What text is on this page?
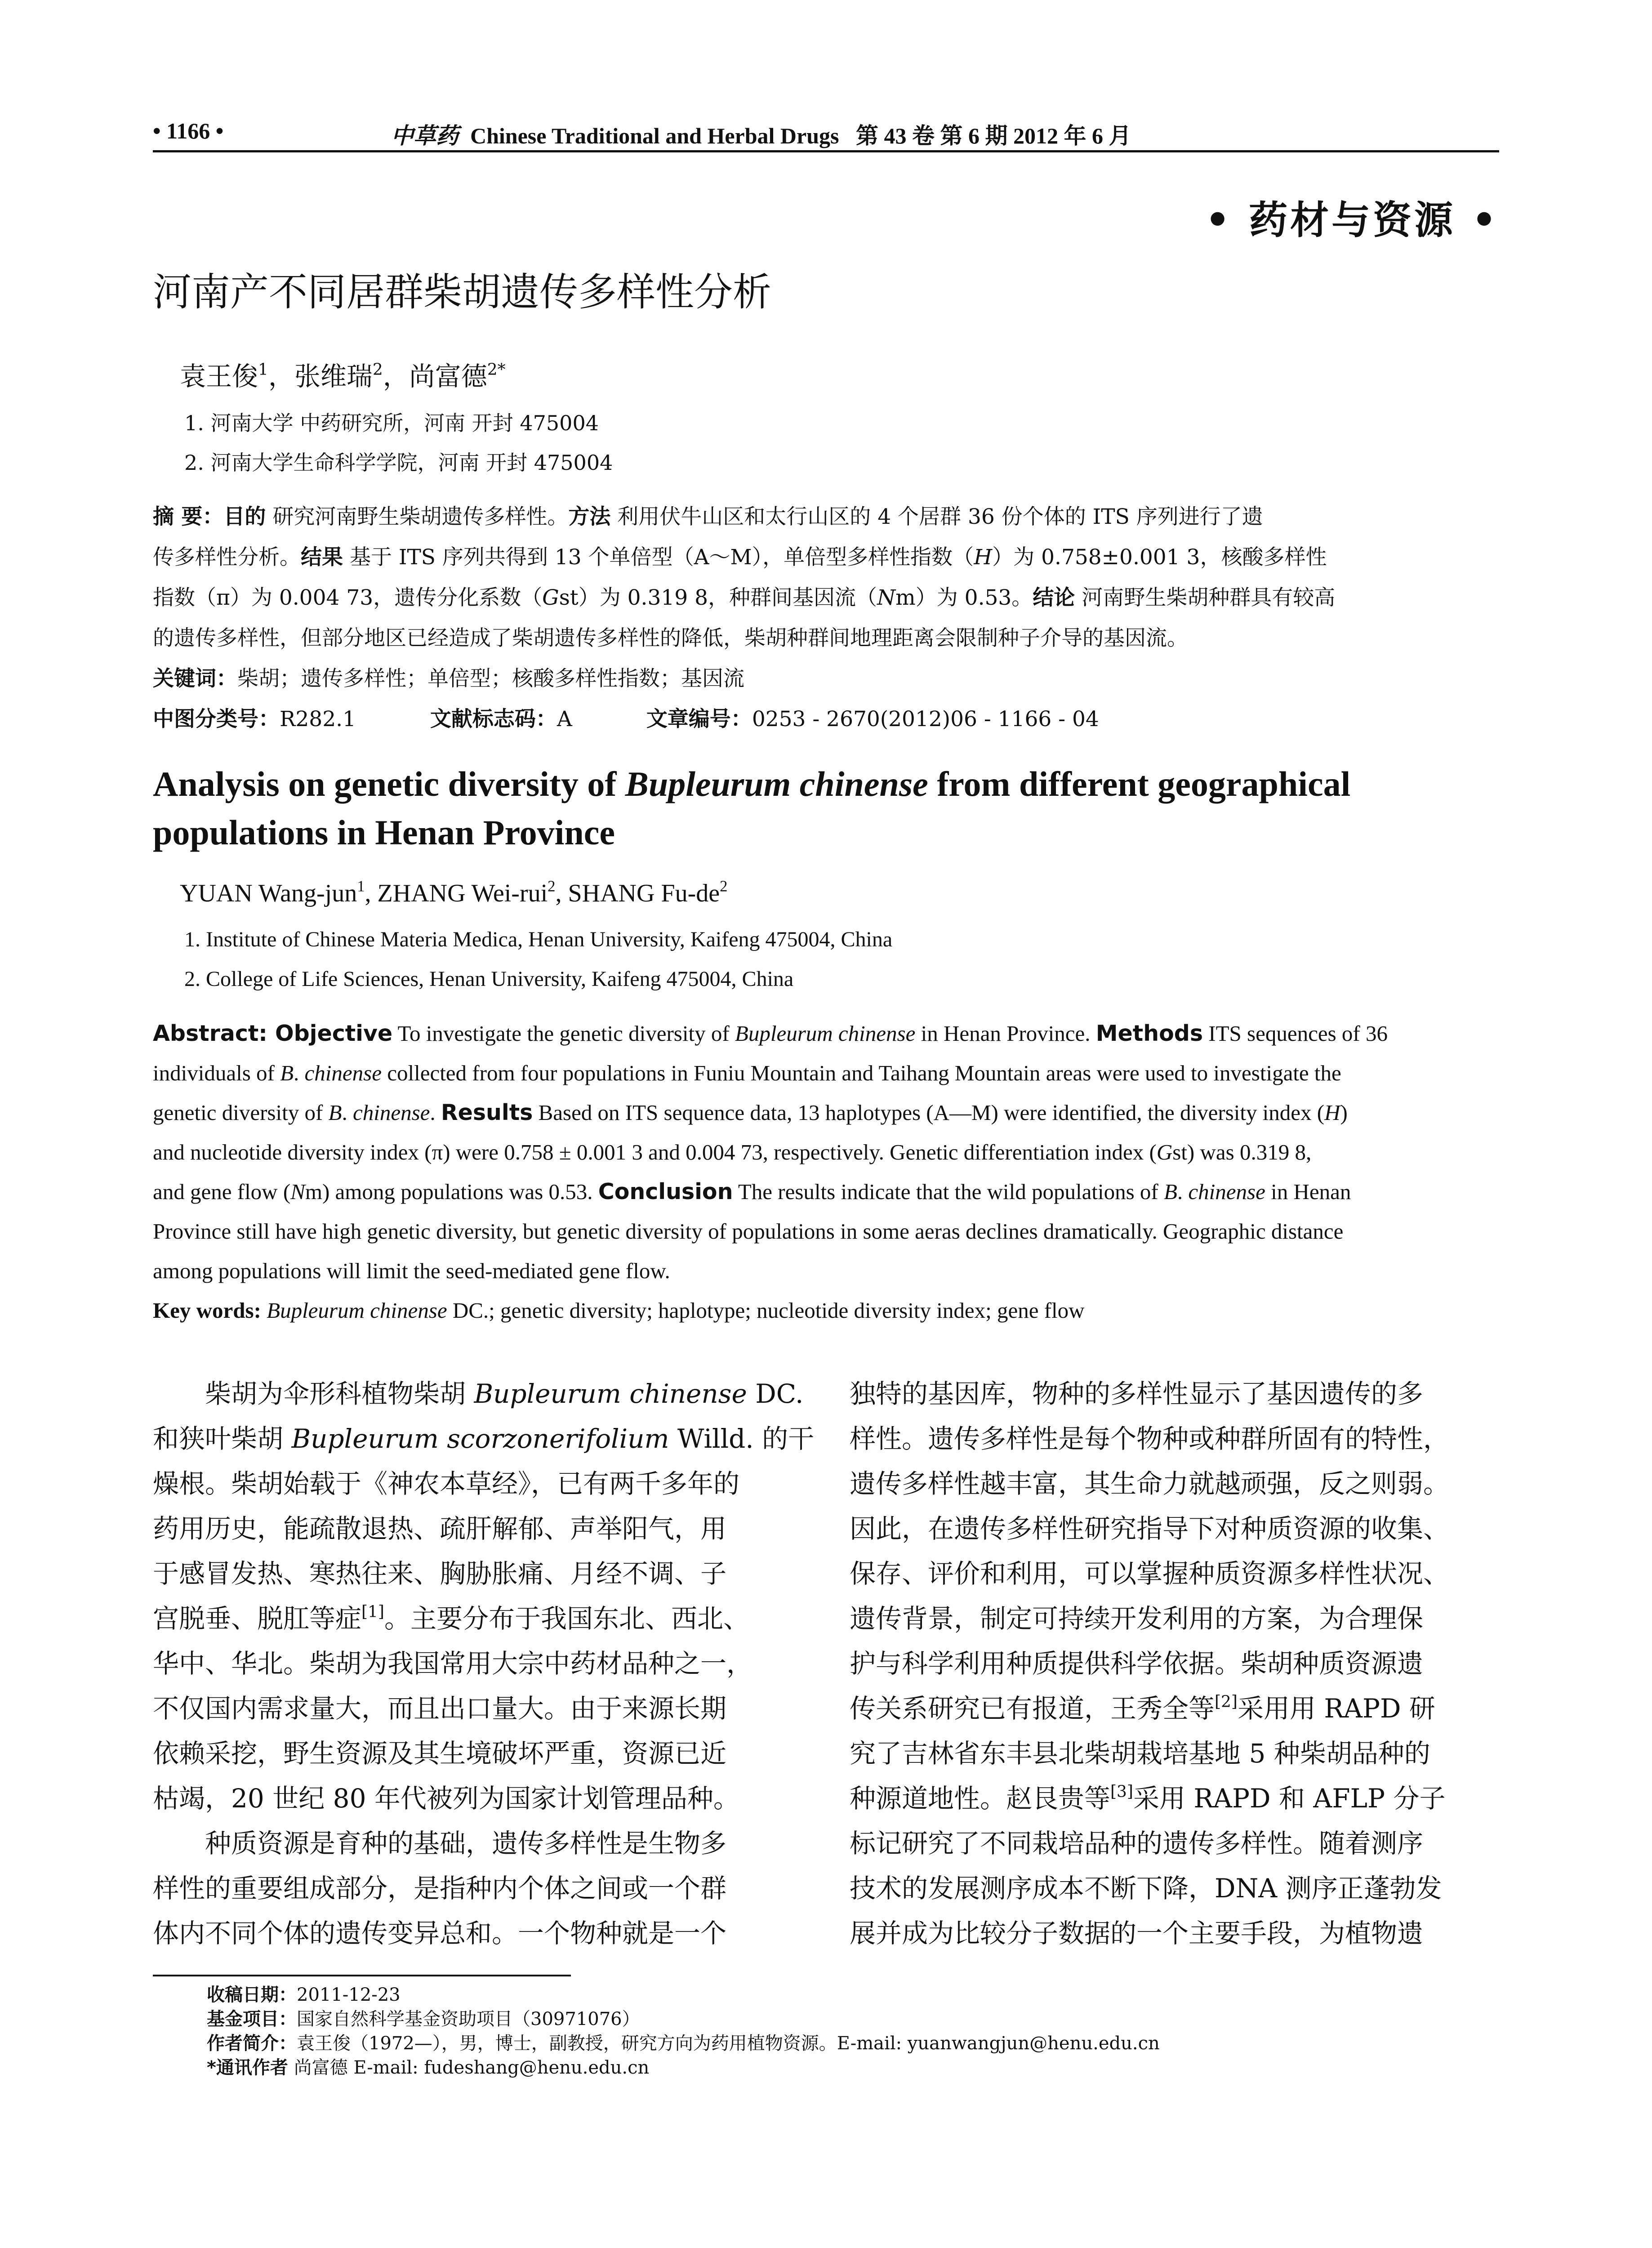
• 1166 •	中草药 Chinese Traditional and Herbal Drugs 第 43 卷 第 6 期 2012 年 6 月
• 药材与资源 •
河南产不同居群柴胡遗传多样性分析
袁王俊$^1$，张维瑞$^2$，尚富德$^{2*}$
1. 河南大学 中药研究所，河南 开封 475004
2. 河南大学生命科学学院，河南 开封 475004
摘 要：目的 研究河南野生柴胡遗传多样性。方法 利用伏牛山区和太行山区的 4 个居群 36 份个体的 ITS 序列进行了遗
传多样性分析。结果 基于 ITS 序列共得到 13 个单倍型（A～M），单倍型多样性指数（H）为 0.758±0.001 3，核酸多样性
指数（π）为 0.004 73，遗传分化系数（Gst）为 0.319 8，种群间基因流（Nm）为 0.53。结论 河南野生柴胡种群具有较高
的遗传多样性，但部分地区已经造成了柴胡遗传多样性的降低，柴胡种群间地理距离会限制种子介导的基因流。
关键词：柴胡；遗传多样性；单倍型；核酸多样性指数；基因流
中图分类号：R282.1	文献标志码：A	文章编号：0253 - 2670(2012)06 - 1166 - 04
Analysis on genetic diversity of Bupleurum chinense from different geographical populations in Henan Province
YUAN Wang-jun$^1$, ZHANG Wei-rui$^2$, SHANG $Fu-de^2$
1. Institute of Chinese Materia Medica, Henan University, Kaifeng 475004, China
2. College of Life Sciences, Henan University, Kaifeng 475004, China
Abstract: Objective To investigate the genetic diversity of Bupleurum chinense in Henan Province. Methods ITS sequences of 36
individuals of B. chinense collected from four populations in Funiu Mountain and Taihang Mountain areas were used to investigate the
genetic diversity of B. chinense. Results Based on ITS sequence data, 13 haplotypes (A—M) were identified, the diversity index (H)
and nucleotide diversity index (π) were 0.758 ± 0.001 3 and 0.004 73, respectively. Genetic differentiation index (Gst) was 0.319 8,
and gene flow (Nm) among populations was 0.53. Conclusion The results indicate that the wild populations of B. chinense in Henan
Province still have high genetic diversity, but genetic diversity of populations in some aeras declines dramatically. Geographic distance
among populations will limit the seed-mediated gene flow.
Key words: Bupleurum chinense DC.; genetic diversity; haplotype; nucleotide diversity index; gene flow
柴胡为伞形科植物柴胡 Bupleurum chinense DC.
和狭叶柴胡 Bupleurum scorzonerifolium Willd. 的干
燥根。柴胡始载于《神农本草经》，已有两千多年的
药用历史，能疏散退热、疏肝解郁、声举阳气，用
于感冒发热、寒热往来、胸胁胀痛、月经不调、子
宫脱垂、脱肛等症[1]。主要分布于我国东北、西北、
华中、华北。柴胡为我国常用大宗中药材品种之一，
不仅国内需求量大，而且出口量大。由于来源长期
依赖采挖，野生资源及其生境破坏严重，资源已近
枯竭，20 世纪 80 年代被列为国家计划管理品种。
种质资源是育种的基础，遗传多样性是生物多
样性的重要组成部分，是指种内个体之间或一个群
体内不同个体的遗传变异总和。一个物种就是一个
独特的基因库，物种的多样性显示了基因遗传的多
样性。遗传多样性是每个物种或种群所固有的特性，
遗传多样性越丰富，其生命力就越顽强，反之则弱。
因此，在遗传多样性研究指导下对种质资源的收集、
保存、评价和利用，可以掌握种质资源多样性状况、
遗传背景，制定可持续开发利用的方案，为合理保
护与科学利用种质提供科学依据。柴胡种质资源遗
传关系研究已有报道，王秀全等[2]采用用 RAPD 研
究了吉林省东丰县北柴胡栽培基地 5 种柴胡品种的
种源道地性。赵艮贵等[3]采用 RAPD 和 AFLP 分子
标记研究了不同栽培品种的遗传多样性。随着测序
技术的发展测序成本不断下降，DNA 测序正蓬勃发
展并成为比较分子数据的一个主要手段，为植物遗
收稿日期：2011-12-23
基金项目：国家自然科学基金资助项目（30971076）
作者简介：袁王俊（1972—），男，博士，副教授，研究方向为药用植物资源。E-mail: yuanwangjun@henu.edu.cn
*通讯作者 尚富德 E-mail: fudeshang@henu.edu.cn
